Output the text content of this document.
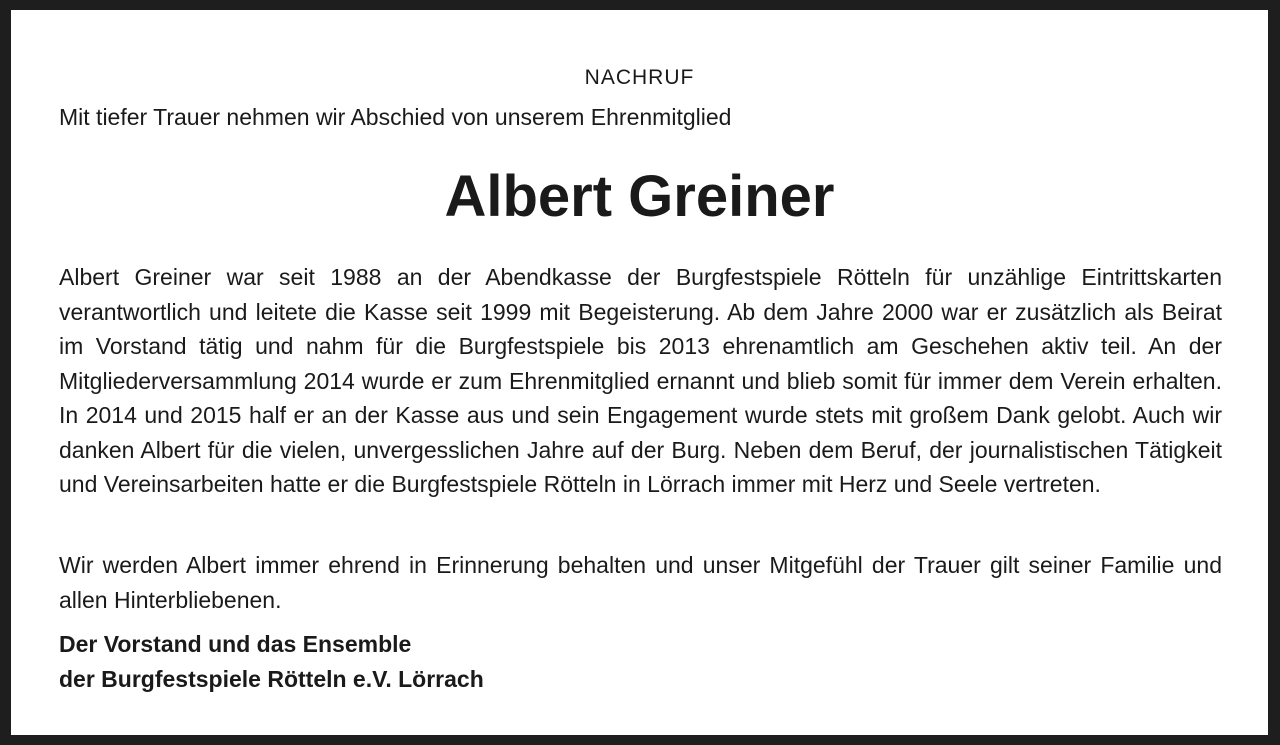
NACHRUF
Mit tiefer Trauer nehmen wir Abschied von unserem Ehrenmitglied
Albert Greiner

Albert Greiner war seit 1988 an der Abendkasse der Burgfestspiele Rötteln für unzählige Eintrittskarten verantwortlich und leitete die Kasse seit 1999 mit Begeisterung. Ab dem Jahre 2000 war er zusätzlich als Beirat im Vorstand tätig und nahm für die Burgfestspiele bis 2013 ehrenamtlich am Geschehen aktiv teil. An der Mitgliederversammlung 2014 wurde er zum Ehrenmitglied ernannt und blieb somit für immer dem Verein erhalten. In 2014 und 2015 half er an der Kasse aus und sein Engagement wurde stets mit großem Dank gelobt. Auch wir danken Albert für die vielen, unvergesslichen Jahre auf der Burg. Neben dem Beruf, der journalistischen Tätigkeit und Vereinsarbeiten hatte er die Burgfestspiele Rötteln in Lörrach immer mit Herz und Seele vertreten.

Wir werden Albert immer ehrend in Erinnerung behalten und unser Mitgefühl der Trauer gilt seiner Familie und allen Hinterbliebenen.

Der Vorstand und das Ensemble
der Burgfestspiele Rötteln e.V. Lörrach
